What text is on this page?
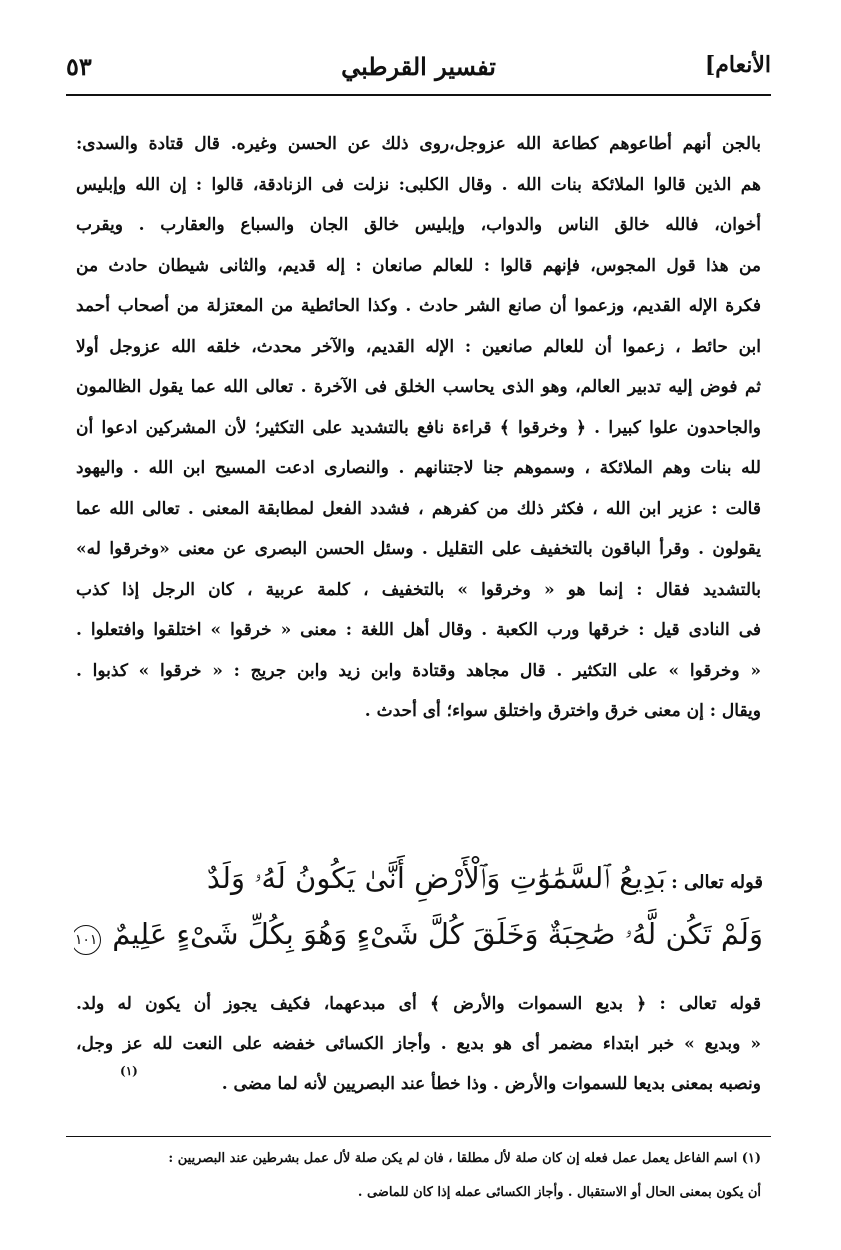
الأنعام]
تفسير القرطبي
٥٣
بالجن أنهم أطاعوهم كطاعة الله عزوجل،روى ذلك عن الحسن وغيره. قال قتادة والسدى:
هم الذين قالوا الملائكة بنات الله . وقال الكلبى: نزلت فى الزنادقة، قالوا : إن الله وإبليس
أخوان، فالله خالق الناس والدواب، وإبليس خالق الجان والسباع والعقارب . ويقرب
من هذا قول المجوس، فإنهم قالوا : للعالم صانعان : إله قديم، والثانى شيطان حادث من
فكرة الإله القديم، وزعموا أن صانع الشر حادث . وكذا الحائطية من المعتزلة من أصحاب أحمد
ابن حائط ، زعموا أن للعالم صانعين : الإله القديم، والآخر محدث، خلقه الله عزوجل أولا
ثم فوض إليه تدبير العالم، وهو الذى يحاسب الخلق فى الآخرة . تعالى الله عما يقول الظالمون
والجاحدون علوا كبيرا . ﴿ وخرقوا ﴾ قراءة نافع بالتشديد على التكثير؛ لأن المشركين ادعوا أن
لله بنات وهم الملائكة ، وسموهم جنا لاجتنانهم . والنصارى ادعت المسيح ابن الله . واليهود
قالت : عزير ابن الله ، فكثر ذلك من كفرهم ، فشدد الفعل لمطابقة المعنى . تعالى الله عما
يقولون . وقرأ الباقون بالتخفيف على التقليل . وسئل الحسن البصرى عن معنى «وخرقوا له»
بالتشديد فقال : إنما هو « وخرقوا » بالتخفيف ، كلمة عربية ، كان الرجل إذا كذب
فى النادى قيل : خرقها ورب الكعبة . وقال أهل اللغة : معنى « خرقوا » اختلقوا وافتعلوا .
« وخرقوا » على التكثير . قال مجاهد وقتادة وابن زيد وابن جريج : « خرقوا » كذبوا .
ويقال : إن معنى خرق واخترق واختلق سواء؛ أى أحدث .
قوله تعالى : بَدِيعُ ٱلسَّمَٰوَٰتِ وَٱلْأَرْضِ أَنَّىٰ يَكُونُ لَهُۥ وَلَدٌ
وَلَمْ تَكُن لَّهُۥ صَٰحِبَةٌ وَخَلَقَ كُلَّ شَىْءٍ وَهُوَ بِكُلِّ شَىْءٍ عَلِيمٌ ١٠١
قوله تعالى : ﴿ بديع السموات والأرض ﴾ أى مبدعهما، فكيف يجوز أن يكون له ولد.
« وبديع » خبر ابتداء مضمر أى هو بديع . وأجاز الكسائى خفضه على النعت لله عز وجل،
ونصبه بمعنى بديعا للسموات والأرض . وذا خطأ عند البصريين لأنه لما مضى .
(١)
(١) اسم الفاعل يعمل عمل فعله إن كان صلة لأل مطلقا ، فان لم يكن صلة لأل عمل بشرطين عند البصريين :
أن يكون بمعنى الحال أو الاستقبال . وأجاز الكسائى عمله إذا كان للماضى .
